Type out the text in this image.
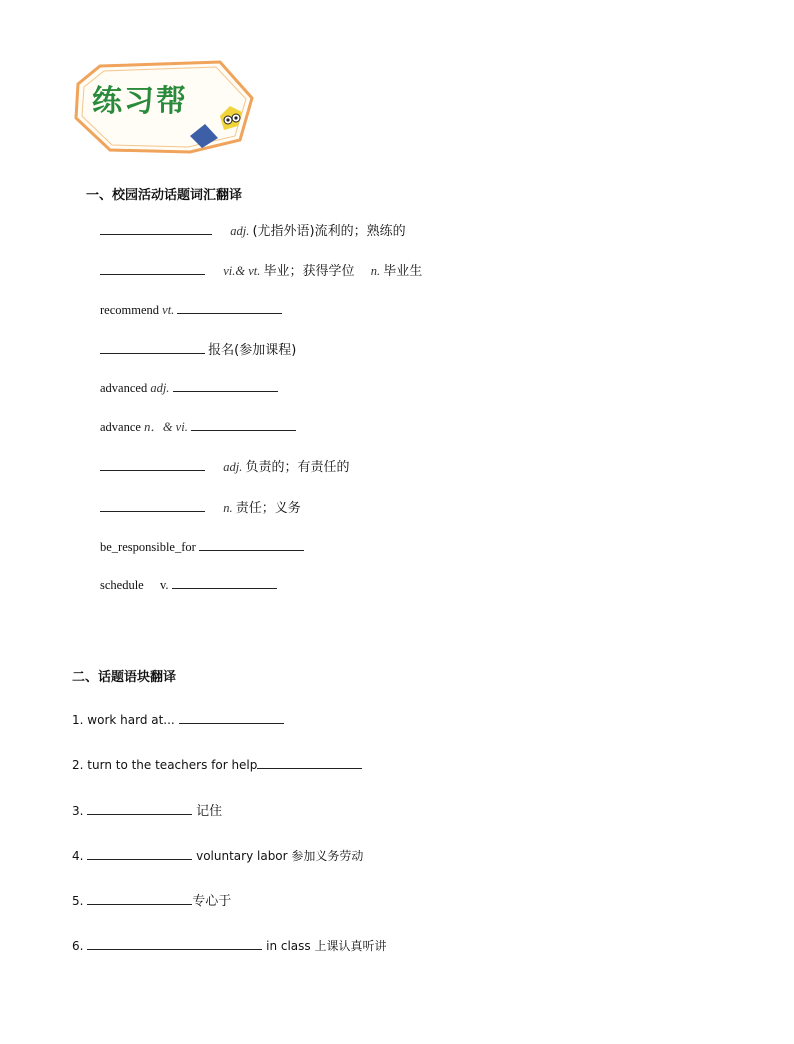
练习帮
一、校园活动话题词汇翻译
adj. (尤指外语)流利的；熟练的
vi.& vt. 毕业；获得学位 n. 毕业生
recommend vt.
报名(参加课程)
advanced adj.
advance n．& vi.
adj. 负责的；有责任的
n. 责任；义务
be_responsible_for
schedule v.
二、话题语块翻译
1. work hard at...
2. turn to the teachers for help
3.	记住
4.	voluntary labor 参加义务劳动
5.	专心于
6.	in class 上课认真听讲
